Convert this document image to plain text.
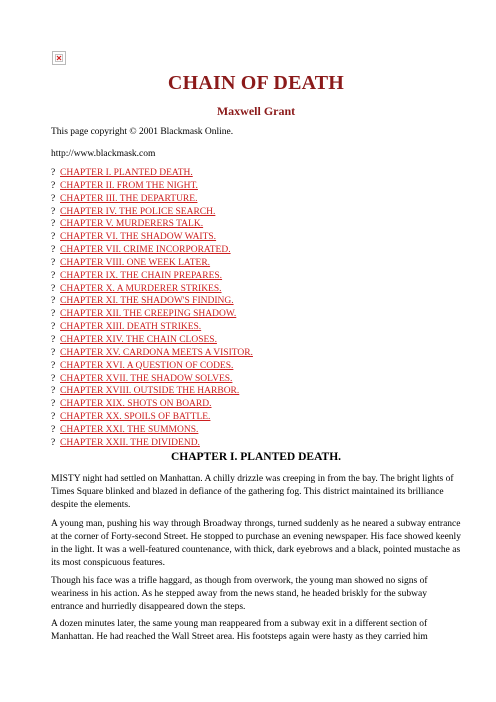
CHAIN OF DEATH
Maxwell Grant

This page copyright © 2001 Blackmask Online.

http://www.blackmask.com

? CHAPTER I. PLANTED DEATH.
? CHAPTER II. FROM THE NIGHT.
? CHAPTER III. THE DEPARTURE.
? CHAPTER IV. THE POLICE SEARCH.
? CHAPTER V. MURDERERS TALK.
? CHAPTER VI. THE SHADOW WAITS.
? CHAPTER VII. CRIME INCORPORATED.
? CHAPTER VIII. ONE WEEK LATER.
? CHAPTER IX. THE CHAIN PREPARES.
? CHAPTER X. A MURDERER STRIKES.
? CHAPTER XI. THE SHADOW'S FINDING.
? CHAPTER XII. THE CREEPING SHADOW.
? CHAPTER XIII. DEATH STRIKES.
? CHAPTER XIV. THE CHAIN CLOSES.
? CHAPTER XV. CARDONA MEETS A VISITOR.
? CHAPTER XVI. A QUESTION OF CODES.
? CHAPTER XVII. THE SHADOW SOLVES.
? CHAPTER XVIII. OUTSIDE THE HARBOR.
? CHAPTER XIX. SHOTS ON BOARD.
? CHAPTER XX. SPOILS OF BATTLE.
? CHAPTER XXI. THE SUMMONS.
? CHAPTER XXII. THE DIVIDEND.
CHAPTER I. PLANTED DEATH.

MISTY night had settled on Manhattan. A chilly drizzle was creeping in from the bay. The bright lights of Times Square blinked and blazed in defiance of the gathering fog. This district maintained its brilliance despite the elements.

A young man, pushing his way through Broadway throngs, turned suddenly as he neared a subway entrance at the corner of Forty-second Street. He stopped to purchase an evening newspaper. His face showed keenly in the light. It was a well-featured countenance, with thick, dark eyebrows and a black, pointed mustache as its most conspicuous features.

Though his face was a trifle haggard, as though from overwork, the young man showed no signs of weariness in his action. As he stepped away from the news stand, he headed briskly for the subway entrance and hurriedly disappeared down the steps.

A dozen minutes later, the same young man reappeared from a subway exit in a different section of Manhattan. He had reached the Wall Street area. His footsteps again were hasty as they carried him
